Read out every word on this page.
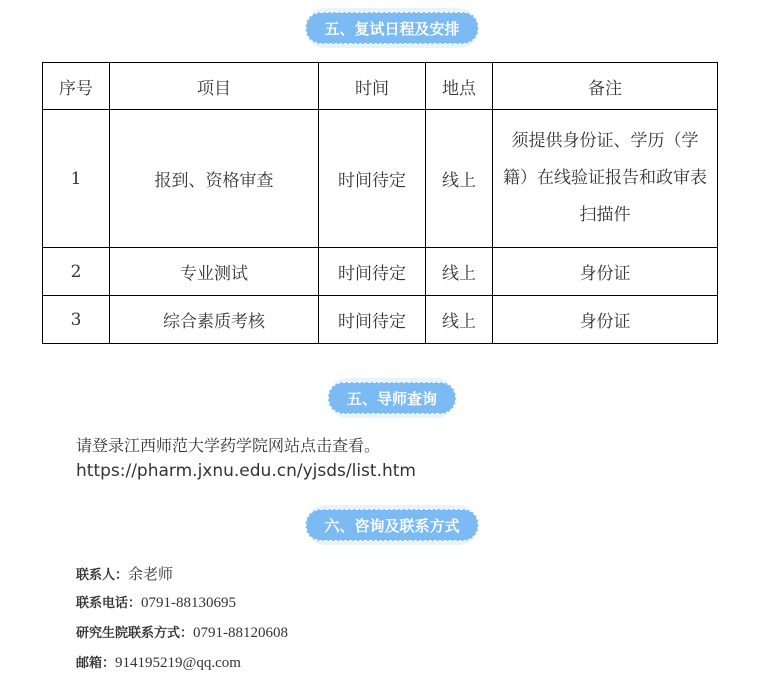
五、复试日程及安排
序号	项目	时间	地点	备注
1	报到、资格审查	时间待定	线上	须提供身份证、学历（学籍）在线验证报告和政审表扫描件
2	专业测试	时间待定	线上	身份证
3	综合素质考核	时间待定	线上	身份证
五、导师查询
请登录江西师范大学药学院网站点击查看。
https://pharm.jxnu.edu.cn/yjsds/list.htm
六、咨询及联系方式
联系人：余老师
联系电话：0791-88130695
研究生院联系方式：0791-88120608
邮箱：914195219@qq.com
